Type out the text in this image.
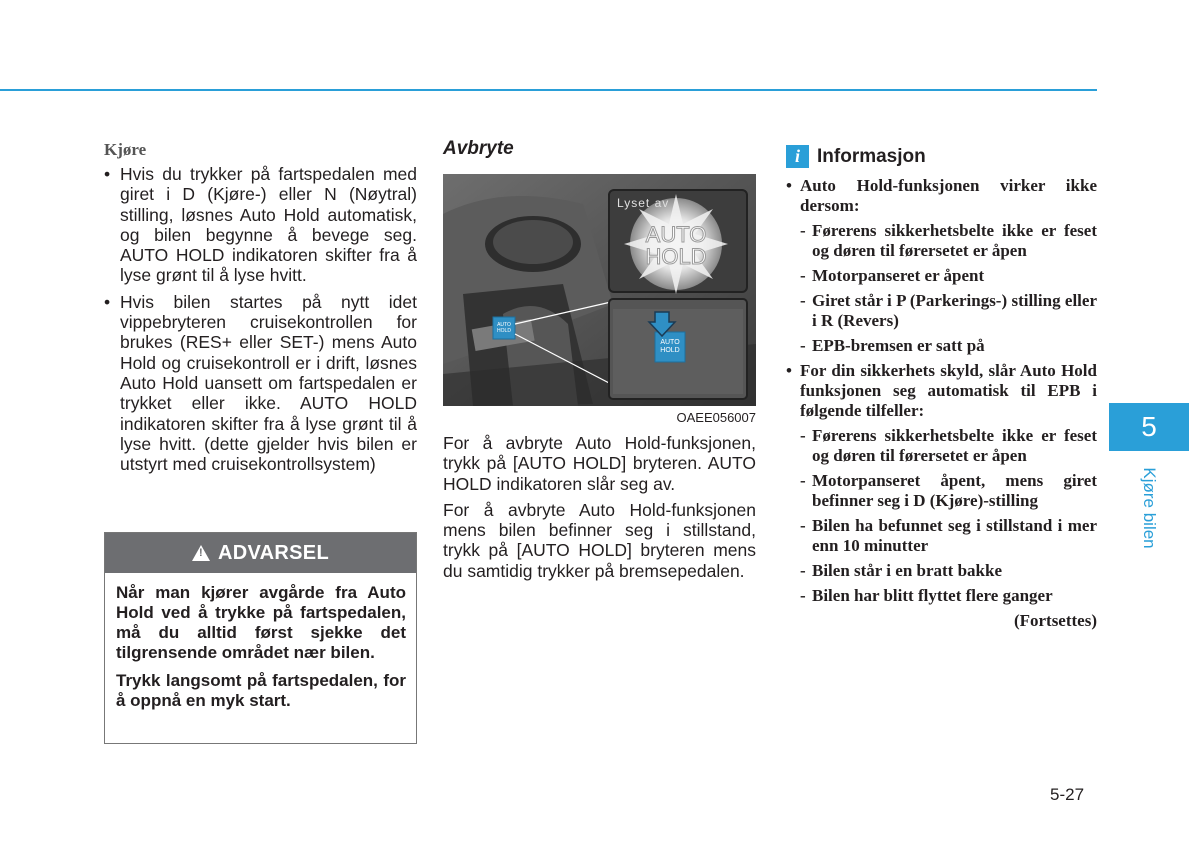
Kjøre
• Hvis du trykker på fartspedalen med giret i D (Kjøre-) eller N (Nøytral) stilling, løsnes Auto Hold automatisk, og bilen begynne å bevege seg. AUTO HOLD indikatoren skifter fra å lyse grønt til å lyse hvitt.
• Hvis bilen startes på nytt idet vippebryteren cruisekontrollen for brukes (RES+ eller SET-) mens Auto Hold og cruisekontroll er i drift, løsnes Auto Hold uansett om fartspedalen er trykket eller ikke. AUTO HOLD indikatoren skifter fra å lyse grønt til å lyse hvitt. (dette gjelder hvis bilen er utstyrt med cruisekontrollsystem)
! ADVARSEL

Når man kjører avgårde fra Auto Hold ved å trykke på fartspedalen, må du alltid først sjekke det tilgrensende området nær bilen.

Trykk langsomt på fartspedalen, for å oppnå en myk start.

Avbryte
AUTO
HOLD
AUTO
HOLD
Lyset av
AUTO
HOLD
OAEE056007

For å avbryte Auto Hold-funksjonen, trykk på [AUTO HOLD] bryteren. AUTO HOLD indikatoren slår seg av.

For å avbryte Auto Hold-funksjonen mens bilen befinner seg i stillstand, trykk på [AUTO HOLD] bryteren mens du samtidig trykker på bremsepedalen.

i Informasjon
• Auto Hold-funksjonen virker ikke dersom:
- Førerens sikkerhetsbelte ikke er feset og døren til førersetet er åpen
- Motorpanseret er åpent
- Giret står i P (Parkerings-) stilling eller i R (Revers)
- EPB-bremsen er satt på
• For din sikkerhets skyld, slår Auto Hold funksjonen seg automatisk til EPB i følgende tilfeller:
- Førerens sikkerhetsbelte ikke er feset og døren til førersetet er åpen
- Motorpanseret åpent, mens giret befinner seg i D (Kjøre)-stilling
- Bilen ha befunnet seg i stillstand i mer enn 10 minutter
- Bilen står i en bratt bakke
- Bilen har blitt flyttet flere ganger
(Fortsettes)
5
Kjøre bilen
5-27
